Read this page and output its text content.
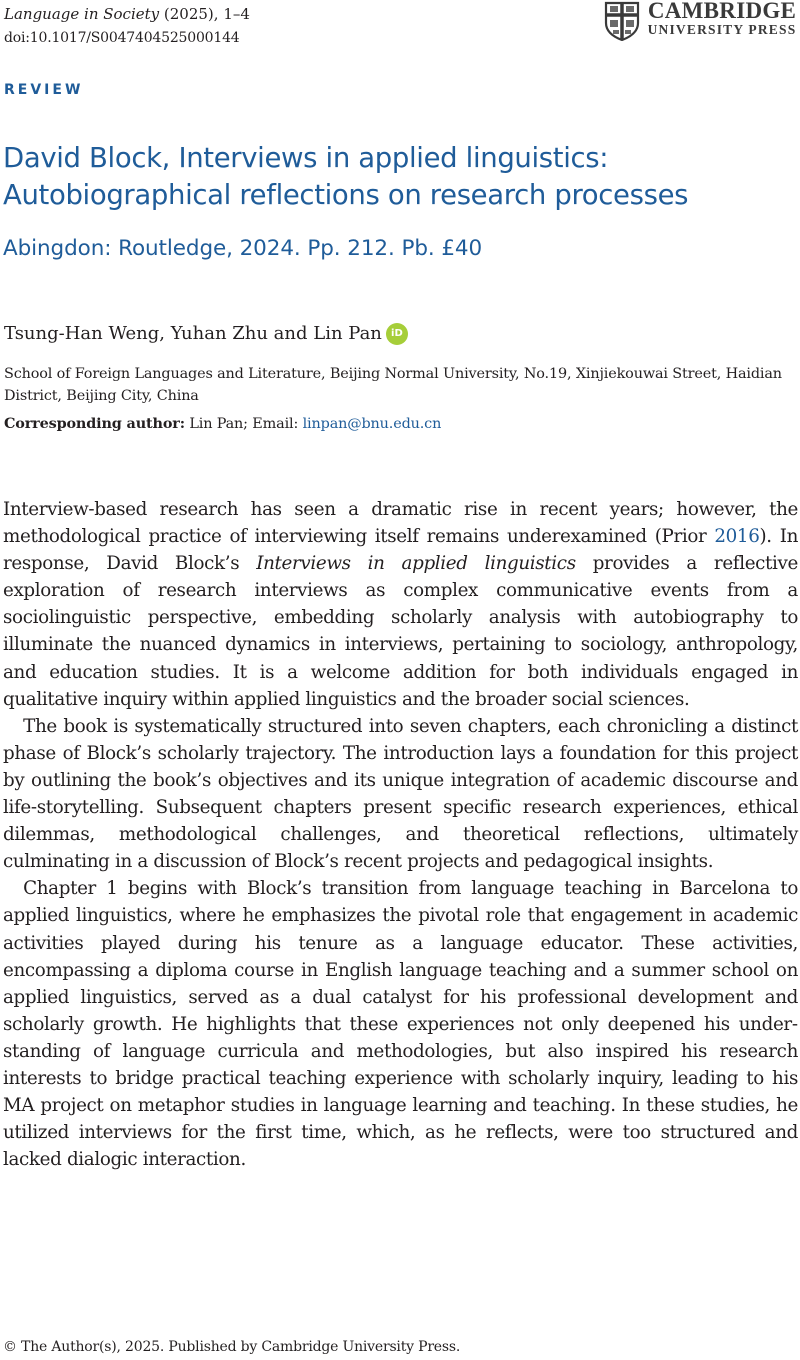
Language in Society (2025), 1–4
doi:10.1017/S0047404525000144
CAMBRIDGE
UNIVERSITY PRESS
REVIEW
David Block, Interviews in applied linguistics: Autobiographical reflections on research processes
Abingdon: Routledge, 2024. Pp. 212. Pb. £40
Tsung-Han Weng, Yuhan Zhu and Lin Pan iD
School of Foreign Languages and Literature, Beijing Normal University, No.19, Xinjiekouwai Street, Haidian District, Beijing City, China
Corresponding author: Lin Pan; Email: linpan@bnu.edu.cn

Interview-based research has seen a dramatic rise in recent years; however, the methodological practice of interviewing itself remains underexamined (Prior 2016). In response, David Block’s Interviews in applied linguistics provides a reflective exploration of research interviews as complex communicative events from a sociolinguistic perspective, embedding scholarly analysis with autobiography to illuminate the nuanced dynamics in interviews, pertaining to sociology, anthropology, and education studies. It is a welcome addition for both individuals engaged in qualitative inquiry within applied linguistics and the broader social sciences.

The book is systematically structured into seven chapters, each chronicling a distinct phase of Block’s scholarly trajectory. The introduction lays a foundation for this project by outlining the book’s objectives and its unique integration of academic discourse and life-storytelling. Subsequent chapters present specific research experiences, ethical dilemmas, methodological challenges, and theoretical reflections, ultimately culminating in a discussion of Block’s recent projects and pedagogical insights.

Chapter 1 begins with Block’s transition from language teaching in Barcelona to applied linguistics, where he emphasizes the pivotal role that engagement in academic activities played during his tenure as a language educator. These activities, encompassing a diploma course in English language teaching and a summer school on applied linguistics, served as a dual catalyst for his professional development and scholarly growth. He highlights that these experiences not only deepened his understanding of language curricula and methodologies, but also inspired his research interests to bridge practical teaching experience with scholarly inquiry, leading to his MA project on metaphor studies in language learning and teaching. In these studies, he utilized interviews for the first time, which, as he reflects, were too structured and lacked dialogic interaction.

© The Author(s), 2025. Published by Cambridge University Press.
